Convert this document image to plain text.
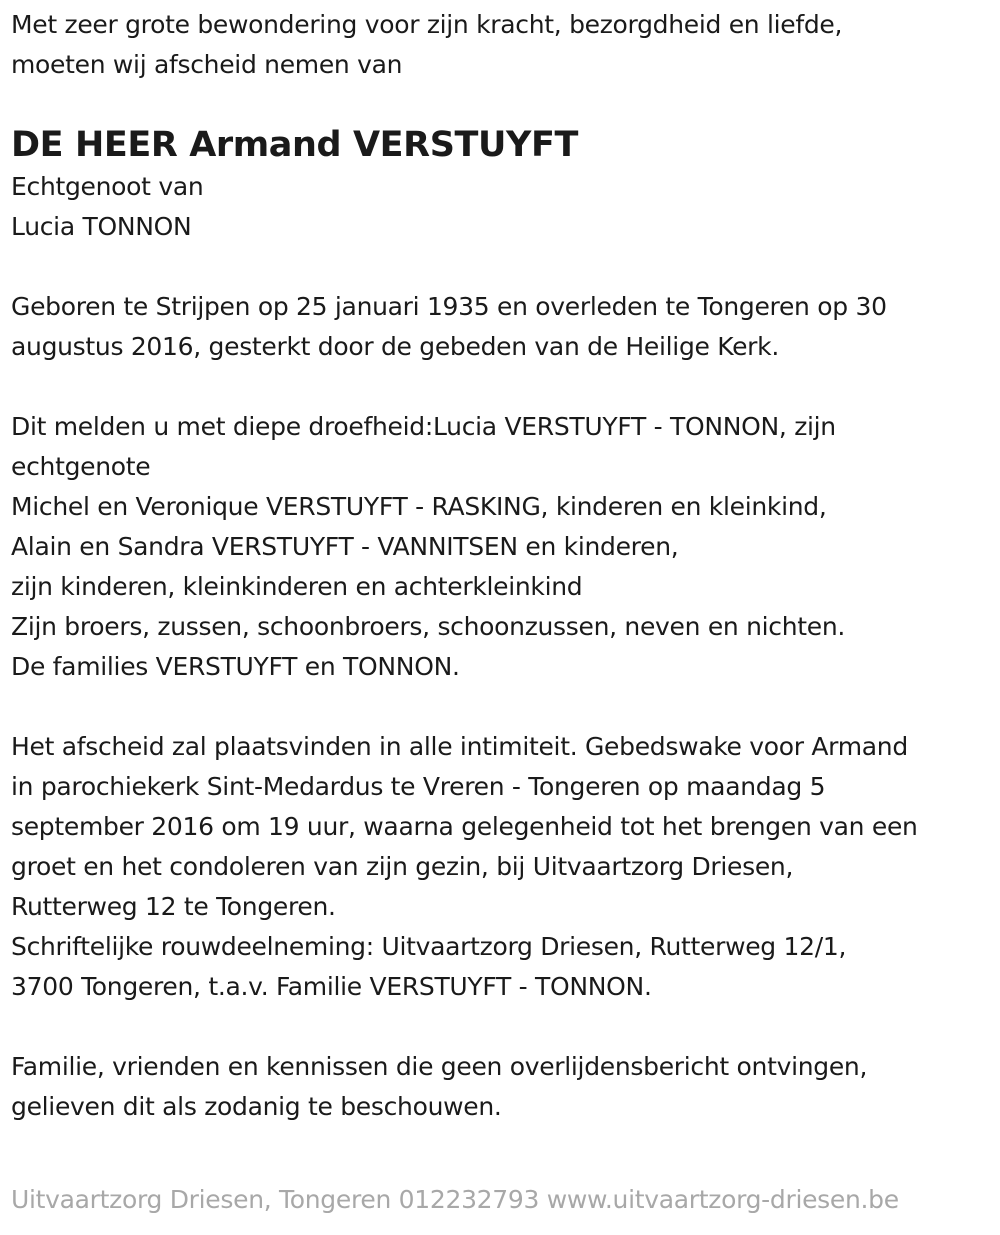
Met zeer grote bewondering voor zijn kracht, bezorgdheid en liefde,
moeten wij afscheid nemen van
DE HEER Armand VERSTUYFT
Echtgenoot van
Lucia TONNON
Geboren te Strijpen op 25 januari 1935 en overleden te Tongeren op 30
augustus 2016, gesterkt door de gebeden van de Heilige Kerk.
Dit melden u met diepe droefheid:Lucia VERSTUYFT - TONNON, zijn
echtgenote
Michel en Veronique VERSTUYFT - RASKING, kinderen en kleinkind,
Alain en Sandra VERSTUYFT - VANNITSEN en kinderen,
zijn kinderen, kleinkinderen en achterkleinkind
Zijn broers, zussen, schoonbroers, schoonzussen, neven en nichten.
De families VERSTUYFT en TONNON.
Het afscheid zal plaatsvinden in alle intimiteit. Gebedswake voor Armand
in parochiekerk Sint-Medardus te Vreren - Tongeren op maandag 5
september 2016 om 19 uur, waarna gelegenheid tot het brengen van een
groet en het condoleren van zijn gezin, bij Uitvaartzorg Driesen,
Rutterweg 12 te Tongeren.
Schriftelijke rouwdeelneming: Uitvaartzorg Driesen, Rutterweg 12/1,
3700 Tongeren, t.a.v. Familie VERSTUYFT - TONNON.
Familie, vrienden en kennissen die geen overlijdensbericht ontvingen,
gelieven dit als zodanig te beschouwen.
Uitvaartzorg Driesen, Tongeren 012232793 www.uitvaartzorg-driesen.be
